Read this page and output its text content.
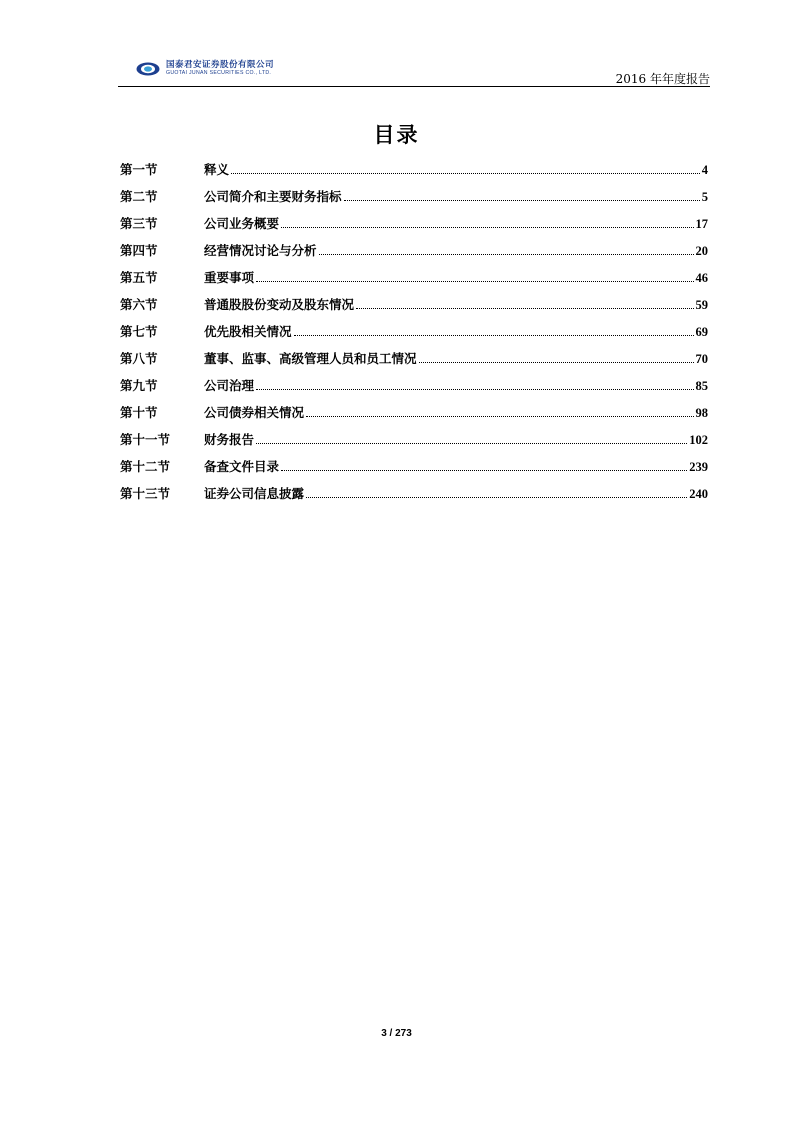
国泰君安证券股份有限公司
GUOTAI JUNAN SECURITIES CO., LTD.	2016 年年度报告
目录
第一节	释义	4
第二节	公司简介和主要财务指标	5
第三节	公司业务概要	17
第四节	经营情况讨论与分析	20
第五节	重要事项	46
第六节	普通股股份变动及股东情况	59
第七节	优先股相关情况	69
第八节	董事、监事、高级管理人员和员工情况	70
第九节	公司治理	85
第十节	公司债券相关情况	98
第十一节	财务报告	102
第十二节	备查文件目录	239
第十三节	证券公司信息披露	240
3 / 273
